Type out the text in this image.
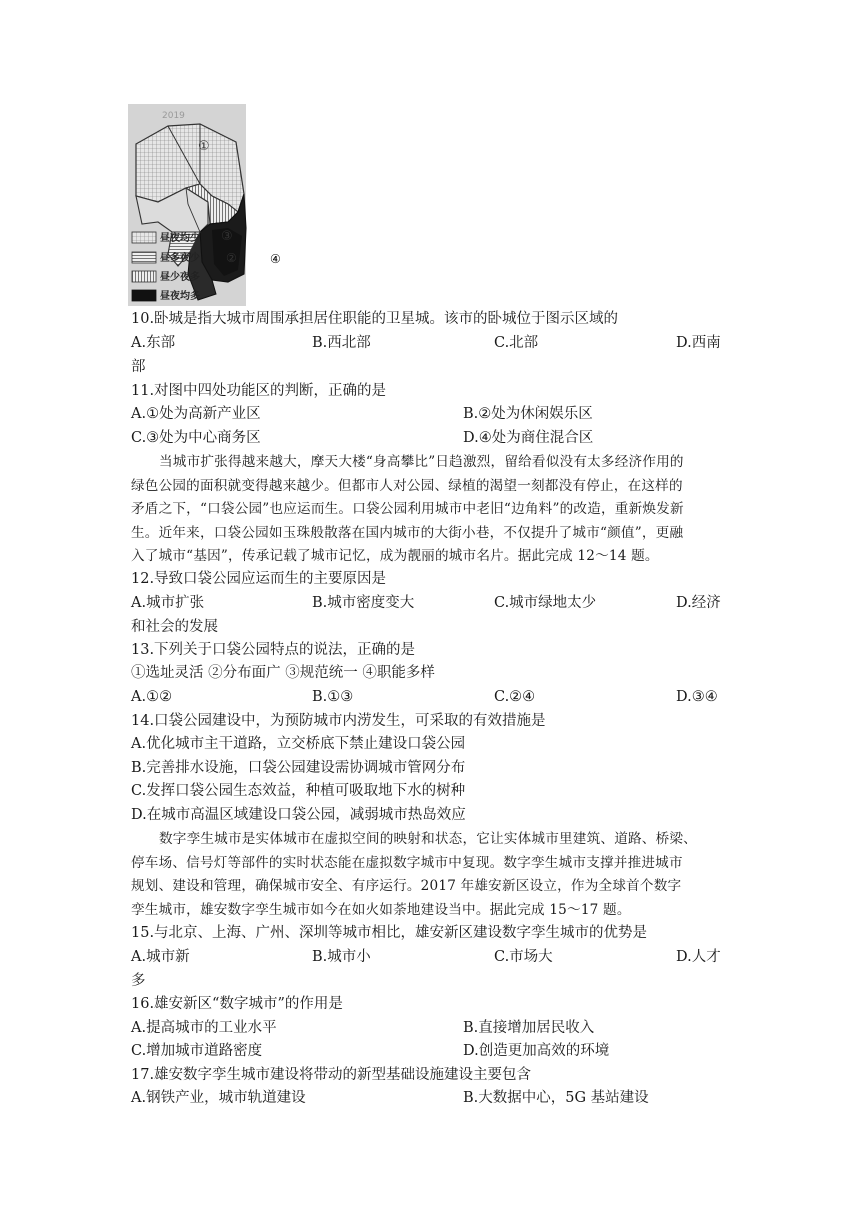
2019
①
③
②	④
昼夜均少
昼多夜少
昼少夜多
昼夜均多
10.卧城是指大城市周围承担居住职能的卫星城。该市的卧城位于图示区域的
A.东部	B.西北部	C.北部	D.西南
部
11.对图中四处功能区的判断，正确的是
A.①处为高新产业区	B.②处为休闲娱乐区
C.③处为中心商务区	D.④处为商住混合区
当城市扩张得越来越大，摩天大楼“身高攀比”日趋激烈，留给看似没有太多经济作用的
绿色公园的面积就变得越来越少。但都市人对公园、绿植的渴望一刻都没有停止，在这样的
矛盾之下，“口袋公园”也应运而生。口袋公园利用城市中老旧“边角料”的改造，重新焕发新
生。近年来，口袋公园如玉珠般散落在国内城市的大街小巷，不仅提升了城市“颜值”，更融
入了城市“基因”，传承记载了城市记忆，成为靓丽的城市名片。据此完成 12～14 题。
12.导致口袋公园应运而生的主要原因是
A.城市扩张	B.城市密度变大	C.城市绿地太少	D.经济
和社会的发展
13.下列关于口袋公园特点的说法，正确的是
①选址灵活 ②分布面广 ③规范统一 ④职能多样
A.①②	B.①③	C.②④	D.③④
14.口袋公园建设中，为预防城市内涝发生，可采取的有效措施是
A.优化城市主干道路，立交桥底下禁止建设口袋公园
B.完善排水设施，口袋公园建设需协调城市管网分布
C.发挥口袋公园生态效益，种植可吸取地下水的树种
D.在城市高温区域建设口袋公园，减弱城市热岛效应
数字孪生城市是实体城市在虚拟空间的映射和状态，它让实体城市里建筑、道路、桥梁、
停车场、信号灯等部件的实时状态能在虚拟数字城市中复现。数字孪生城市支撑并推进城市
规划、建设和管理，确保城市安全、有序运行。2017 年雄安新区设立，作为全球首个数字
孪生城市，雄安数字孪生城市如今在如火如荼地建设当中。据此完成 15～17 题。
15.与北京、上海、广州、深圳等城市相比，雄安新区建设数字孪生城市的优势是
A.城市新	B.城市小	C.市场大	D.人才
多
16.雄安新区“数字城市”的作用是
A.提高城市的工业水平	B.直接增加居民收入
C.增加城市道路密度	D.创造更加高效的环境
17.雄安数字孪生城市建设将带动的新型基础设施建设主要包含
A.钢铁产业，城市轨道建设	B.大数据中心，5G 基站建设
